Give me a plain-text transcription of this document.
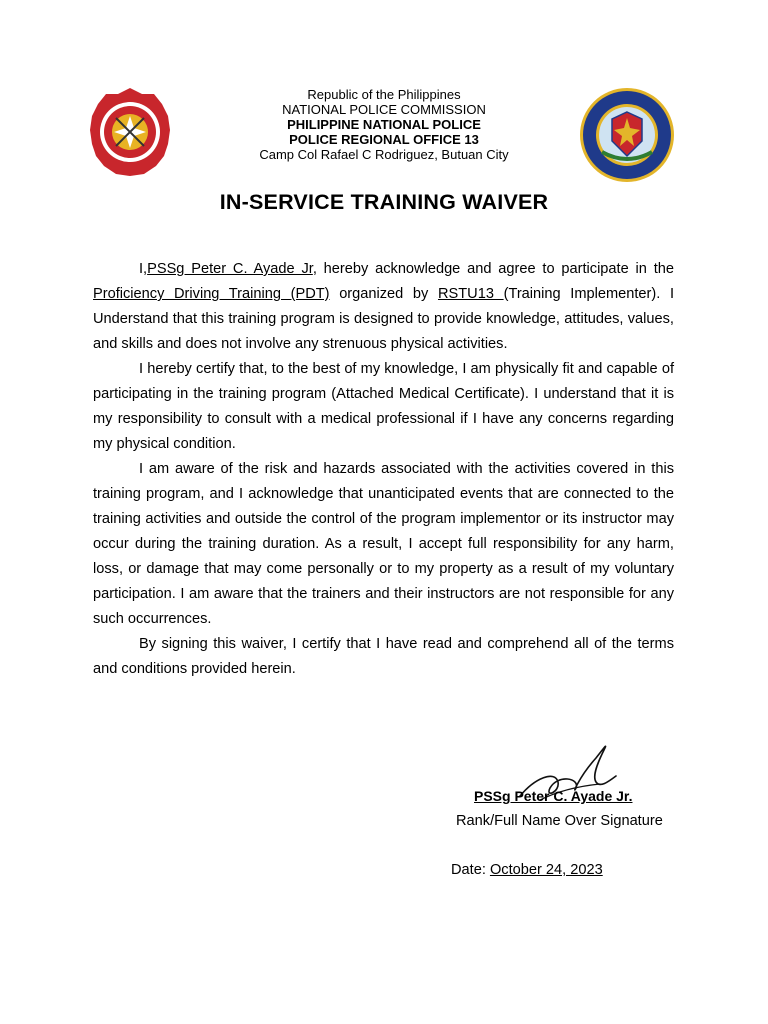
Republic of the Philippines
NATIONAL POLICE COMMISSION
PHILIPPINE NATIONAL POLICE
POLICE REGIONAL OFFICE 13
Camp Col Rafael C Rodriguez, Butuan City
IN-SERVICE TRAINING WAIVER

I,PSSg Peter C. Ayade Jr, hereby acknowledge and agree to participate in the Proficiency Driving Training (PDT) organized by RSTU13 (Training Implementer). I Understand that this training program is designed to provide knowledge, attitudes, values, and skills and does not involve any strenuous physical activities.

I hereby certify that, to the best of my knowledge, I am physically fit and capable of participating in the training program (Attached Medical Certificate). I understand that it is my responsibility to consult with a medical professional if I have any concerns regarding my physical condition.

I am aware of the risk and hazards associated with the activities covered in this training program, and I acknowledge that unanticipated events that are connected to the training activities and outside the control of the program implementor or its instructor may occur during the training duration. As a result, I accept full responsibility for any harm, loss, or damage that may come personally or to my property as a result of my voluntary participation. I am aware that the trainers and their instructors are not responsible for any such occurrences.

By signing this waiver, I certify that I have read and comprehend all of the terms and conditions provided herein.

PSSg Peter C. Ayade Jr.
Rank/Full Name Over Signature
Date: October 24, 2023
